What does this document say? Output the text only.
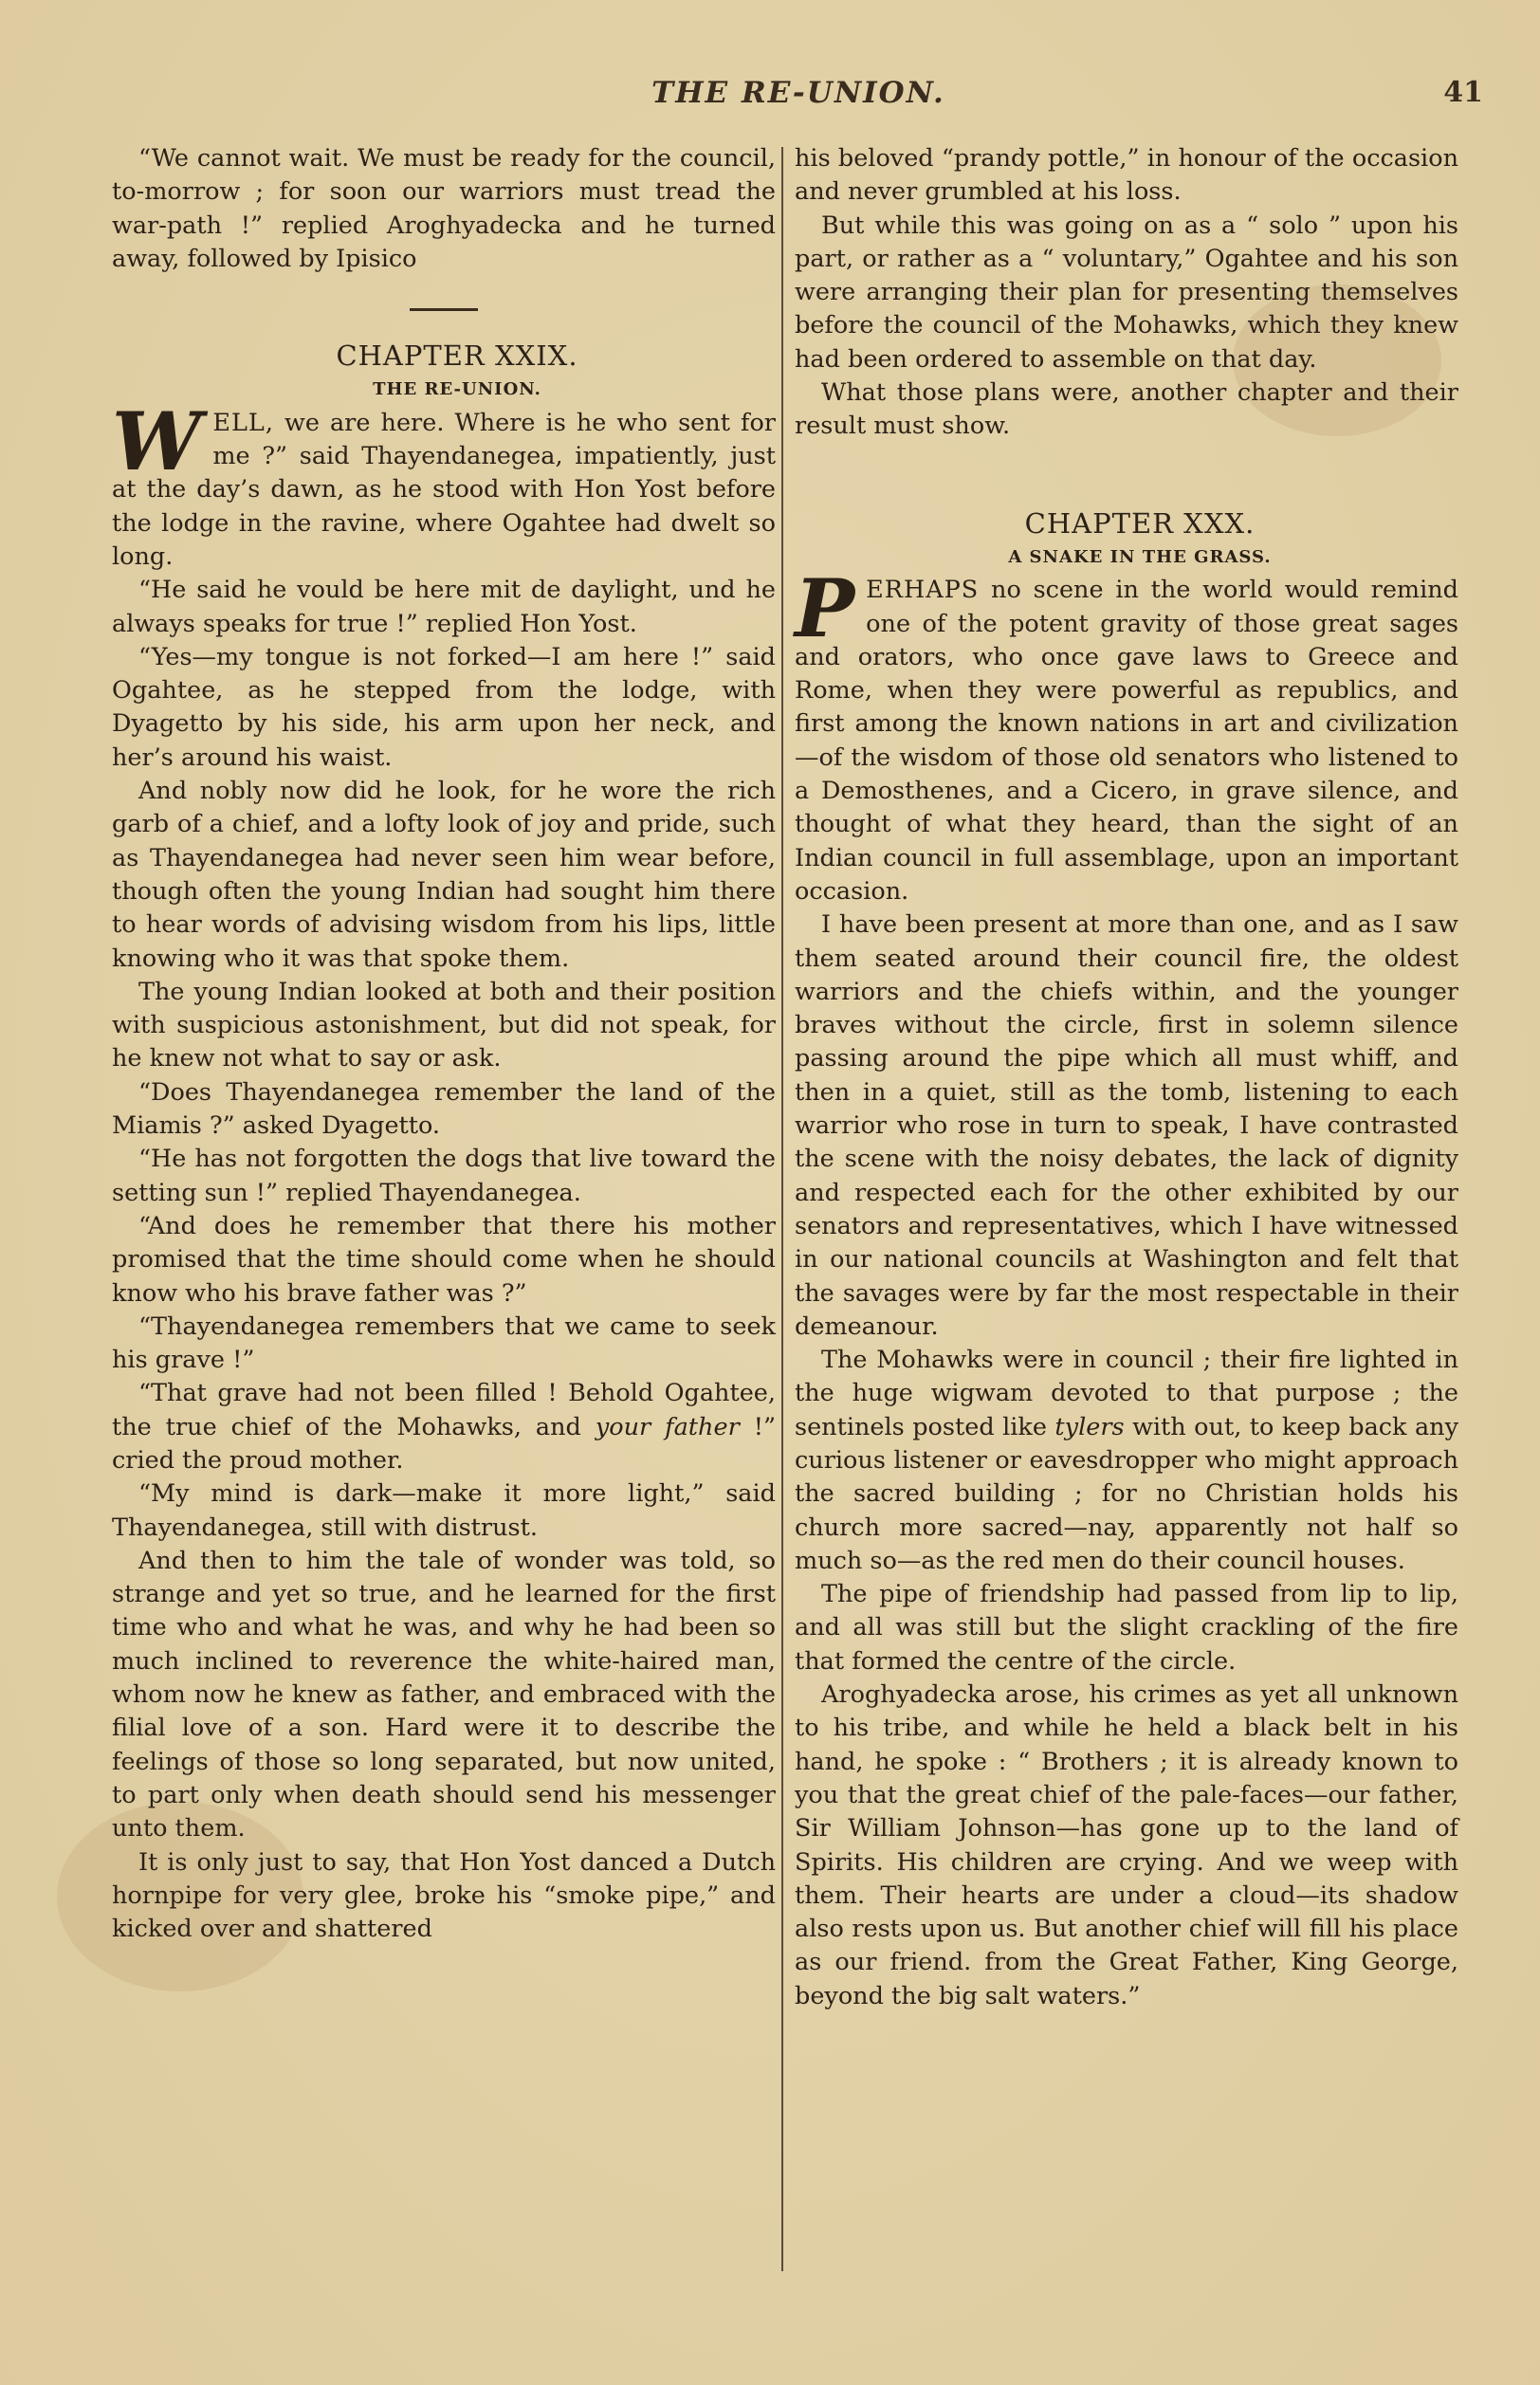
THE RE-UNION.	41

“We cannot wait. We must be ready for the council, to-morrow ; for soon our warriors must tread the war-path !” replied Aroghyadecka and he turned away, followed by Ipisico

CHAPTER XXIX.

THE RE-UNION.

WELL, we are here. Where is he who sent for me ?” said Thayendanegea, impatiently, just at the day’s dawn, as he stood with Hon Yost before the lodge in the ravine, where Ogahtee had dwelt so long.

“He said he vould be here mit de daylight, und he always speaks for true !” replied Hon Yost.

“Yes—my tongue is not forked—I am here !” said Ogahtee, as he stepped from the lodge, with Dyagetto by his side, his arm upon her neck, and her’s around his waist.

And nobly now did he look, for he wore the rich garb of a chief, and a lofty look of joy and pride, such as Thayendanegea had never seen him wear before, though often the young Indian had sought him there to hear words of advising wisdom from his lips, little knowing who it was that spoke them.

The young Indian looked at both and their position with suspicious astonishment, but did not speak, for he knew not what to say or ask.

“Does Thayendanegea remember the land of the Miamis ?” asked Dyagetto.

“He has not forgotten the dogs that live toward the setting sun !” replied Thayendanegea.

“And does he remember that there his mother promised that the time should come when he should know who his brave father was ?”

“Thayendanegea remembers that we came to seek his grave !”

“That grave had not been filled ! Behold Ogahtee, the true chief of the Mohawks, and your father !” cried the proud mother.

“My mind is dark—make it more light,” said Thayendanegea, still with distrust.

And then to him the tale of wonder was told, so strange and yet so true, and he learned for the first time who and what he was, and why he had been so much inclined to reverence the white-haired man, whom now he knew as father, and embraced with the filial love of a son. Hard were it to describe the feelings of those so long separated, but now united, to part only when death should send his messenger unto them.

It is only just to say, that Hon Yost danced a Dutch hornpipe for very glee, broke his “smoke pipe,” and kicked over and shattered

his beloved “prandy pottle,” in honour of the occasion and never grumbled at his loss.

But while this was going on as a “ solo ” upon his part, or rather as a “ voluntary,” Ogahtee and his son were arranging their plan for presenting themselves before the council of the Mohawks, which they knew had been ordered to assemble on that day.

What those plans were, another chapter and their result must show.

CHAPTER XXX.

A SNAKE IN THE GRASS.

PERHAPS no scene in the world would remind one of the potent gravity of those great sages and orators, who once gave laws to Greece and Rome, when they were powerful as republics, and first among the known nations in art and civilization—of the wisdom of those old senators who listened to a Demosthenes, and a Cicero, in grave silence, and thought of what they heard, than the sight of an Indian council in full assemblage, upon an important occasion.

I have been present at more than one, and as I saw them seated around their council fire, the oldest warriors and the chiefs within, and the younger braves without the circle, first in solemn silence passing around the pipe which all must whiff, and then in a quiet, still as the tomb, listening to each warrior who rose in turn to speak, I have contrasted the scene with the noisy debates, the lack of dignity and respected each for the other exhibited by our senators and representatives, which I have witnessed in our national councils at Washington and felt that the savages were by far the most respectable in their demeanour.

The Mohawks were in council ; their fire lighted in the huge wigwam devoted to that purpose ; the sentinels posted like tylers with out, to keep back any curious listener or eavesdropper who might approach the sacred building ; for no Christian holds his church more sacred—nay, apparently not half so much so—as the red men do their council houses.

The pipe of friendship had passed from lip to lip, and all was still but the slight crackling of the fire that formed the centre of the circle.

Aroghyadecka arose, his crimes as yet all unknown to his tribe, and while he held a black belt in his hand, he spoke : “ Brothers ; it is already known to you that the great chief of the pale-faces—our father, Sir William Johnson—has gone up to the land of Spirits. His children are crying. And we weep with them. Their hearts are under a cloud—its shadow also rests upon us. But another chief will fill his place as our friend. from the Great Father, King George, beyond the big salt waters.”
